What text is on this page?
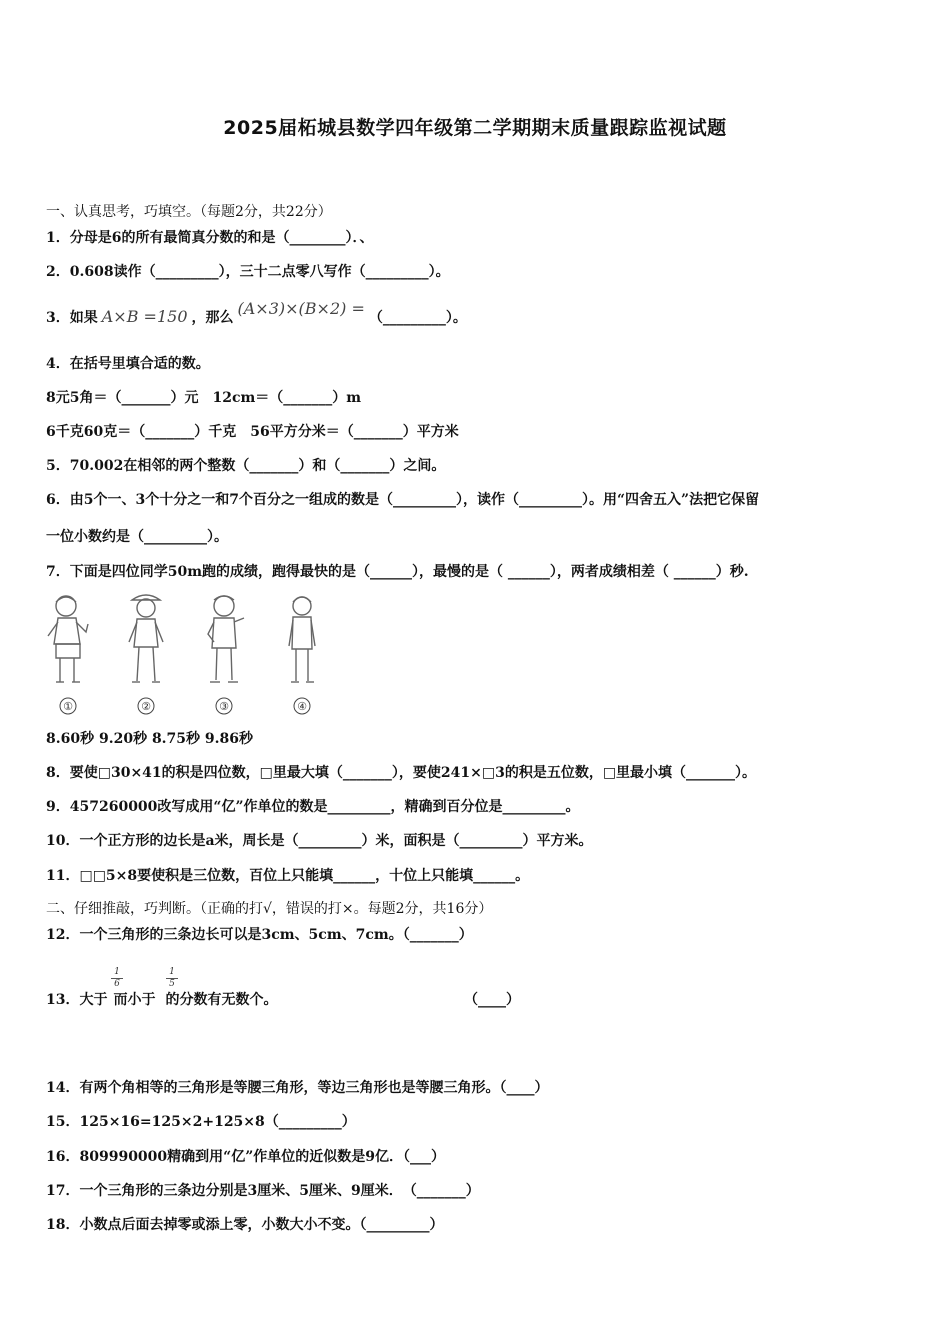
2025届柘城县数学四年级第二学期期末质量跟踪监视试题
一、认真思考，巧填空。（每题2分，共22分）
1．分母是6的所有最简真分数的和是（________）．、
2．0.608读作（_________），三十二点零八写作（_________）。
3．如果 A×B =150 ，那么 (A×3)×(B×2) = （_________）。
4．在括号里填合适的数。
8元5角＝（_______）元　12cm＝（_______）m
6千克60克＝（_______）千克　56平方分米＝（_______）平方米
5．70.002在相邻的两个整数（_______）和（_______）之间。
6．由5个一、3个十分之一和7个百分之一组成的数是（_________），读作（_________）。用“四舍五入”法把它保留
一位小数约是（_________）。
7．下面是四位同学50m跑的成绩，跑得最快的是（______），最慢的是（ ______），两者成绩相差（ ______）秒.
①	②	③	④
8.60秒 9.20秒 8.75秒 9.86秒
8．要使□30×41的积是四位数，□里最大填（_______），要使241×□3的积是五位数，□里最小填（_______）。
9．457260000改写成用“亿”作单位的数是_________，精确到百分位是_________。
10．一个正方形的边长是a米，周长是（_________）米，面积是（_________）平方米。
11．□□5×8要使积是三位数，百位上只能填______，十位上只能填______。
二、仔细推敲，巧判断。（正确的打√，错误的打×。每题2分，共16分）
12．一个三角形的三条边长可以是3cm、5cm、7cm。（_______）
$\frac{1}{6}$	$\frac{1}{5}$
13．大于 而小于 的分数有无数个。	（____）
14．有两个角相等的三角形是等腰三角形，等边三角形也是等腰三角形。（____）
15．125×16=125×2+125×8（_________）
16．809990000精确到用“亿”作单位的近似数是9亿．（___）
17．一个三角形的三条边分别是3厘米、5厘米、9厘米．　（_______）
18．小数点后面去掉零或添上零，小数大小不变。（_________）
